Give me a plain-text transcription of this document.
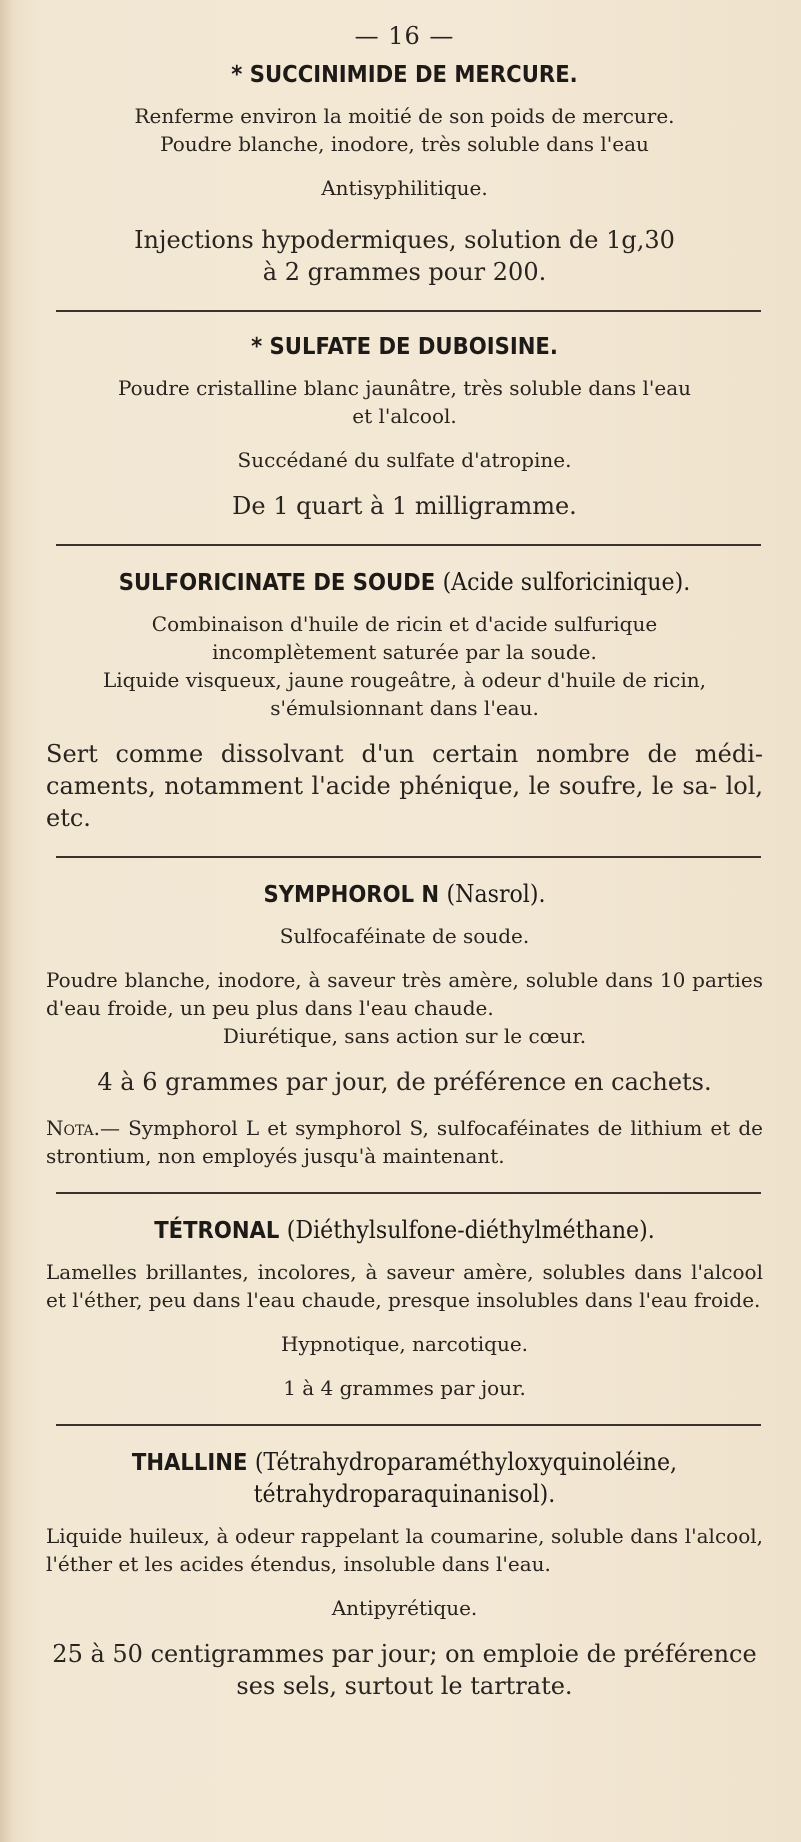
— 16 —
* SUCCINIMIDE DE MERCURE.

Renferme environ la moitié de son poids de mercure.

Poudre blanche, inodore, très soluble dans l'eau

Antisyphilitique.

Injections hypodermiques, solution de 1g,30

à 2 grammes pour 200.

* SULFATE DE DUBOISINE.

Poudre cristalline blanc jaunâtre, très soluble dans l'eau

et l'alcool.

Succédané du sulfate d'atropine.

De 1 quart à 1 milligramme.

SULFORICINATE DE SOUDE (Acide sulforicinique).

Combinaison d'huile de ricin et d'acide sulfurique

incomplètement saturée par la soude.

Liquide visqueux, jaune rougeâtre, à odeur d'huile de ricin,

s'émulsionnant dans l'eau.

Sert comme dissolvant d'un certain nombre de médi- caments, notamment l'acide phénique, le soufre, le sa- lol, etc.

SYMPHOROL N (Nasrol).

Sulfocaféinate de soude.

Poudre blanche, inodore, à saveur très amère, soluble dans 10 parties d'eau froide, un peu plus dans l'eau chaude.

Diurétique, sans action sur le cœur.

4 à 6 grammes par jour, de préférence en cachets.

Nota.— Symphorol L et symphorol S, sulfocaféinates de lithium et de strontium, non employés jusqu'à maintenant.

TÉTRONAL (Diéthylsulfone-diéthylméthane).

Lamelles brillantes, incolores, à saveur amère, solubles dans l'alcool et l'éther, peu dans l'eau chaude, presque insolubles dans l'eau froide.

Hypnotique, narcotique.

1 à 4 grammes par jour.

THALLINE (Tétrahydroparaméthyloxyquinoléine,
tétrahydroparaquinanisol).

Liquide huileux, à odeur rappelant la coumarine, soluble dans l'alcool, l'éther et les acides étendus, insoluble dans l'eau.

Antipyrétique.

25 à 50 centigrammes par jour; on emploie de préférence

ses sels, surtout le tartrate.
